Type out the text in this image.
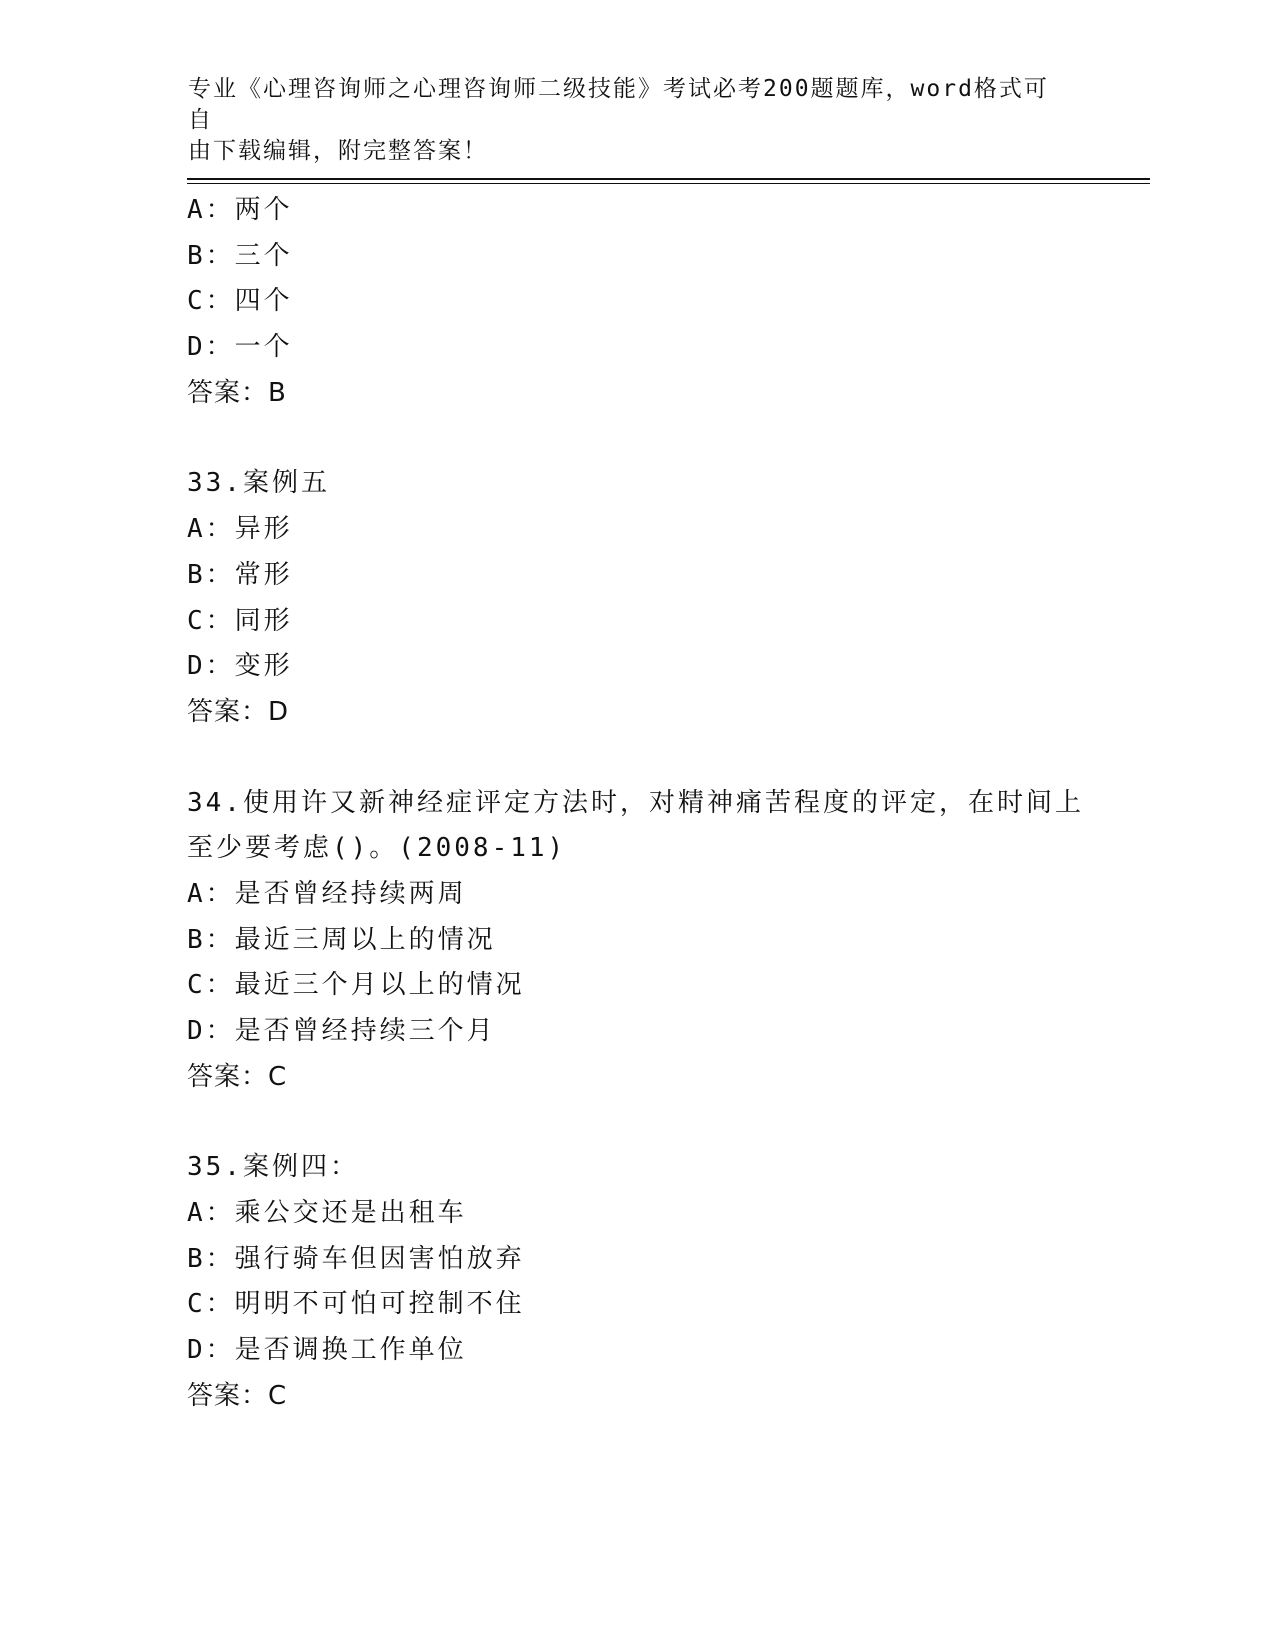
专业《心理咨询师之心理咨询师二级技能》考试必考200题题库，word格式可自
由下载编辑，附完整答案！
A：两个
B：三个
C：四个
D：一个
答案：B
33.案例五
A：异形
B：常形
C：同形
D：变形
答案：D
34.使用许又新神经症评定方法时，对精神痛苦程度的评定，在时间上
至少要考虑()。(2008-11)
A：是否曾经持续两周
B：最近三周以上的情况
C：最近三个月以上的情况
D：是否曾经持续三个月
答案：C
35.案例四：
A：乘公交还是出租车
B：强行骑车但因害怕放弃
C：明明不可怕可控制不住
D：是否调换工作单位
答案：C
